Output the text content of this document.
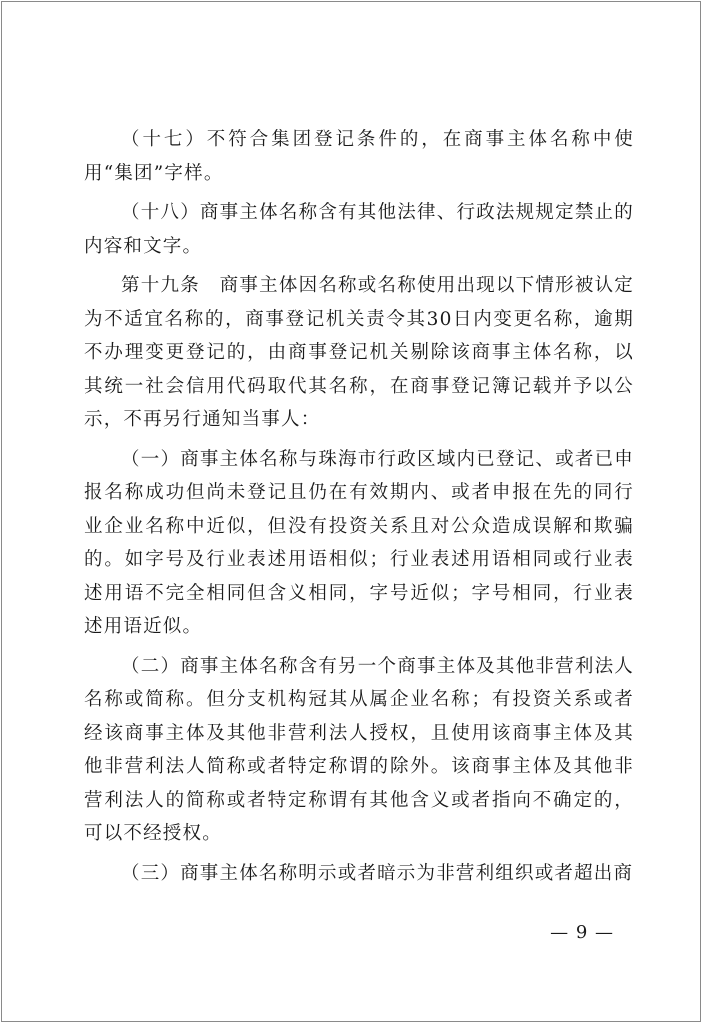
（十七）不符合集团登记条件的，在商事主体名称中使用“集团”字样。

（十八）商事主体名称含有其他法律、行政法规规定禁止的内容和文字。

第十九条　商事主体因名称或名称使用出现以下情形被认定为不适宜名称的，商事登记机关责令其30日内变更名称，逾期不办理变更登记的，由商事登记机关剔除该商事主体名称，以其统一社会信用代码取代其名称，在商事登记簿记载并予以公示，不再另行通知当事人：

（一）商事主体名称与珠海市行政区域内已登记、或者已申报名称成功但尚未登记且仍在有效期内、或者申报在先的同行业企业名称中近似，但没有投资关系且对公众造成误解和欺骗的。如字号及行业表述用语相似；行业表述用语相同或行业表述用语不完全相同但含义相同，字号近似；字号相同，行业表述用语近似。

（二）商事主体名称含有另一个商事主体及其他非营利法人名称或简称。但分支机构冠其从属企业名称；有投资关系或者经该商事主体及其他非营利法人授权，且使用该商事主体及其他非营利法人简称或者特定称谓的除外。该商事主体及其他非营利法人的简称或者特定称谓有其他含义或者指向不确定的，可以不经授权。

（三）商事主体名称明示或者暗示为非营利组织或者超出商

— 9 —
